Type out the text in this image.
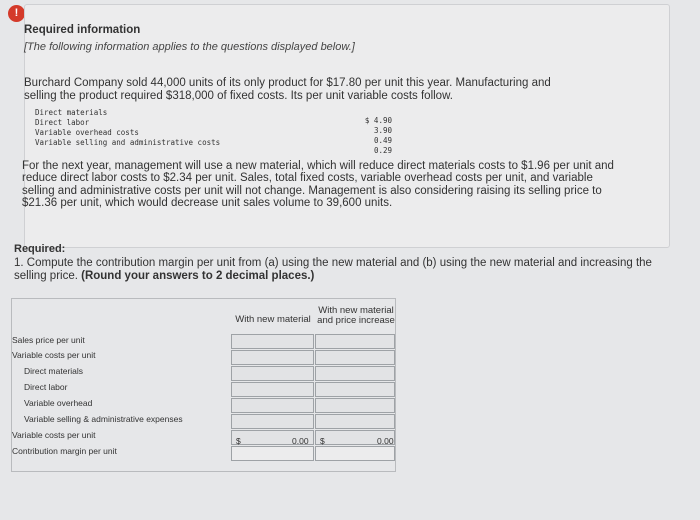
!
Required information
[The following information applies to the questions displayed below.]
Burchard Company sold 44,000 units of its only product for $17.80 per unit this year. Manufacturing and selling the product required $318,000 of fixed costs. Its per unit variable costs follow.
Direct materials
Direct labor
Variable overhead costs
Variable selling and administrative costs
$ 4.90
3.90
0.49
0.29
For the next year, management will use a new material, which will reduce direct materials costs to $1.96 per unit and reduce direct labor costs to $2.34 per unit. Sales, total fixed costs, variable overhead costs per unit, and variable selling and administrative costs per unit will not change. Management is also considering raising its selling price to $21.36 per unit, which would decrease unit sales volume to 39,600 units.
Required:
1. Compute the contribution margin per unit from (a) using the new material and (b) using the new material and increasing the selling price. (Round your answers to 2 decimal places.)
With new material
With new material and price increase
Sales price per unit
Variable costs per unit
Direct materials
Direct labor
Variable overhead
Variable selling & administrative expenses
Variable costs per unit
Contribution margin per unit
$	0.00 $	0.00
